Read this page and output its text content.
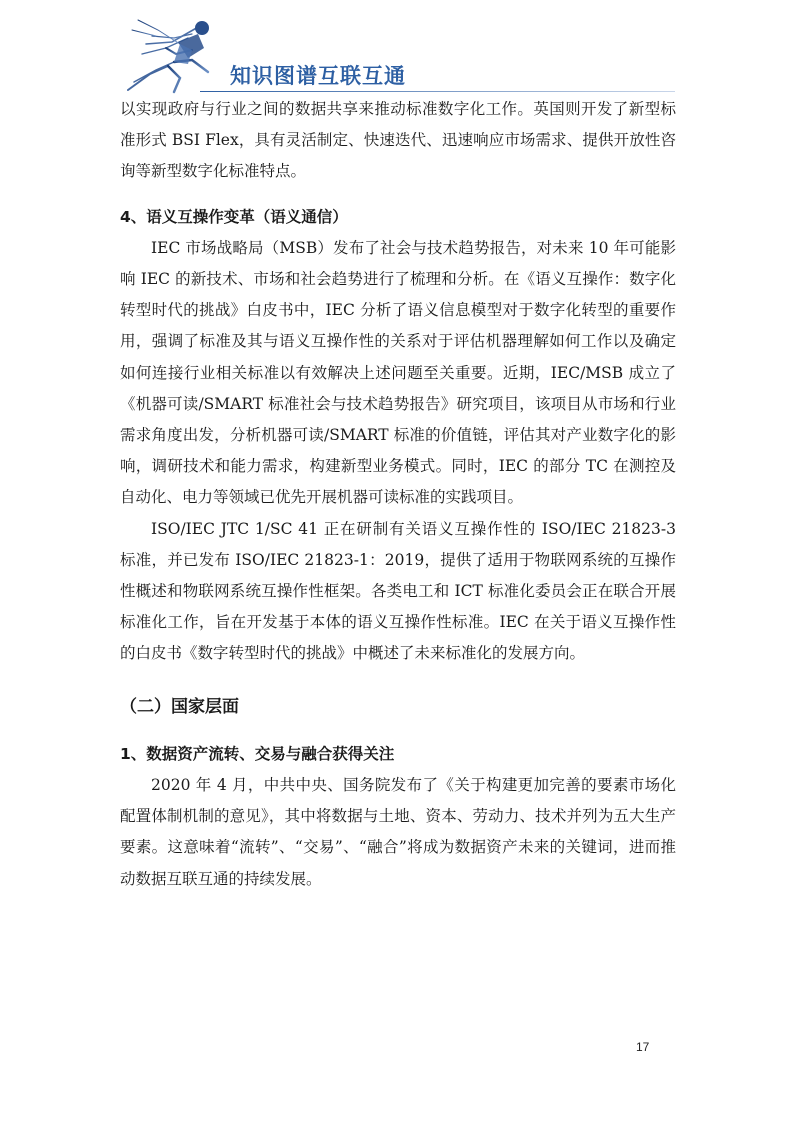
知识图谱互联互通

以实现政府与行业之间的数据共享来推动标准数字化工作。英国则开发了新型标准形式 BSI Flex，具有灵活制定、快速迭代、迅速响应市场需求、提供开放性咨询等新型数字化标准特点。

4、语义互操作变革（语义通信）

IEC 市场战略局（MSB）发布了社会与技术趋势报告，对未来 10 年可能影响 IEC 的新技术、市场和社会趋势进行了梳理和分析。在《语义互操作：数字化转型时代的挑战》白皮书中，IEC 分析了语义信息模型对于数字化转型的重要作用，强调了标准及其与语义互操作性的关系对于评估机器理解如何工作以及确定如何连接行业相关标准以有效解决上述问题至关重要。近期，IEC/MSB 成立了《机器可读/SMART 标准社会与技术趋势报告》研究项目，该项目从市场和行业需求角度出发，分析机器可读/SMART 标准的价值链，评估其对产业数字化的影响，调研技术和能力需求，构建新型业务模式。同时，IEC 的部分 TC 在测控及自动化、电力等领域已优先开展机器可读标准的实践项目。

ISO/IEC JTC 1/SC 41 正在研制有关语义互操作性的 ISO/IEC 21823-3 标准，并已发布 ISO/IEC 21823-1：2019，提供了适用于物联网系统的互操作性概述和物联网系统互操作性框架。各类电工和 ICT 标准化委员会正在联合开展标准化工作，旨在开发基于本体的语义互操作性标准。IEC 在关于语义互操作性的白皮书《数字转型时代的挑战》中概述了未来标准化的发展方向。

（二）国家层面

1、数据资产流转、交易与融合获得关注

2020 年 4 月，中共中央、国务院发布了《关于构建更加完善的要素市场化配置体制机制的意见》，其中将数据与土地、资本、劳动力、技术并列为五大生产要素。这意味着“流转”、“交易”、“融合”将成为数据资产未来的关键词，进而推动数据互联互通的持续发展。

17
